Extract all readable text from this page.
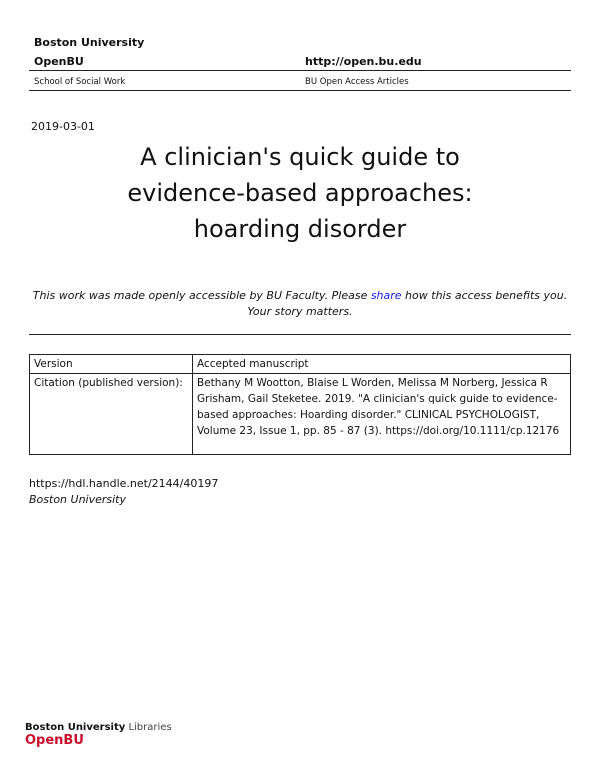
Boston University
OpenBU	http://open.bu.edu
School of Social Work	BU Open Access Articles
2019-03-01
A clinician's quick guide to
evidence-based approaches:
hoarding disorder
This work was made openly accessible by BU Faculty. Please share how this access benefits you.
Your story matters.
Version	Accepted manuscript
Citation (published version):	Bethany M Wootton, Blaise L Worden, Melissa M Norberg, Jessica R Grisham, Gail Steketee. 2019. "A clinician's quick guide to evidence-based approaches: Hoarding disorder." CLINICAL PSYCHOLOGIST, Volume 23, Issue 1, pp. 85 - 87 (3). https://doi.org/10.1111/cp.12176
https://hdl.handle.net/2144/40197
Boston University
Boston University Libraries
OpenBU
